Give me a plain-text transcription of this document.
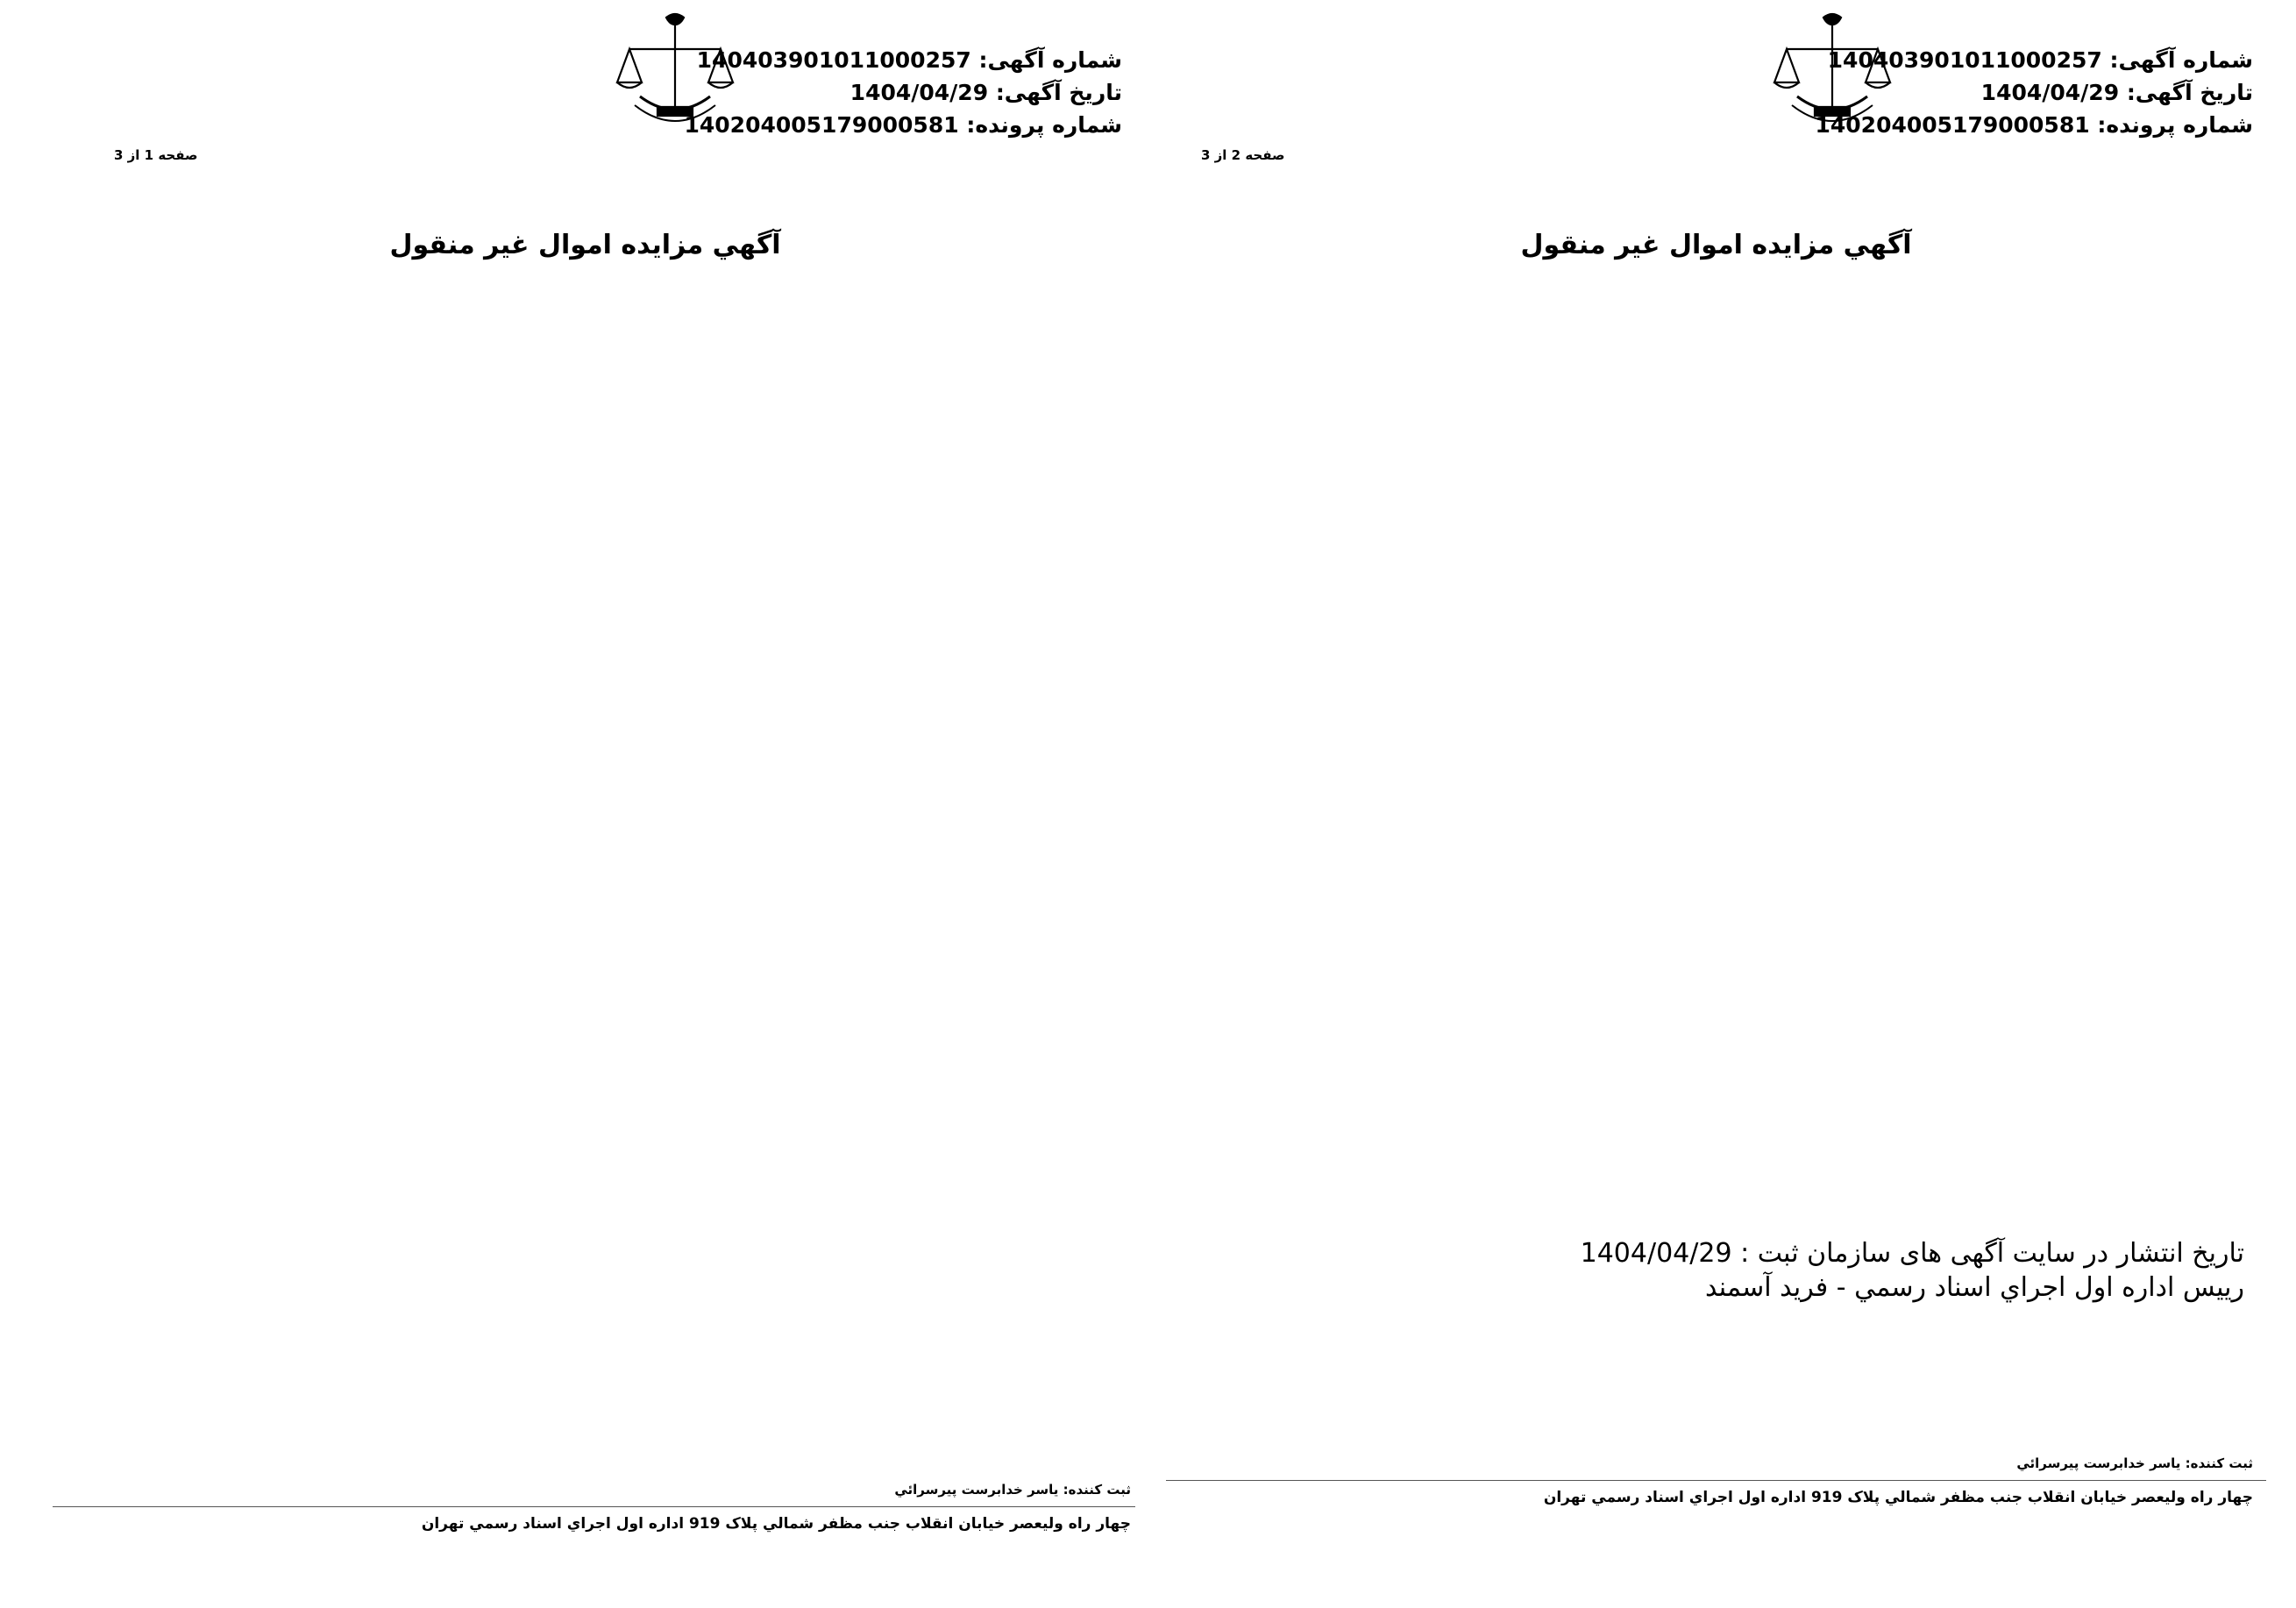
شماره آگهی: 140403901011000257
تاریخ آگهی: 1404/04/29
شماره پرونده: 140204005179000581
صفحه 2 از 3
آگهي مزايده اموال غير منقول

تاریخ انتشار در سایت آگهی های سازمان ثبت : 1404/04/29
رييس اداره اول اجراي اسناد رسمي - فريد آسمند
ثبت كننده: ياسر خدابرست پيرسرائي
چهار راه وليعصر خيابان انقلاب جنب مظفر شمالي پلاک 919 اداره اول اجراي اسناد رسمي تهران
شماره آگهی: 140403901011000257
تاریخ آگهی: 1404/04/29
شماره پرونده: 140204005179000581
صفحه 1 از 3
آگهي مزايده اموال غير منقول

ثبت كننده: ياسر خدابرست پيرسرائي
چهار راه وليعصر خيابان انقلاب جنب مظفر شمالي پلاک 919 اداره اول اجراي اسناد رسمي تهران
